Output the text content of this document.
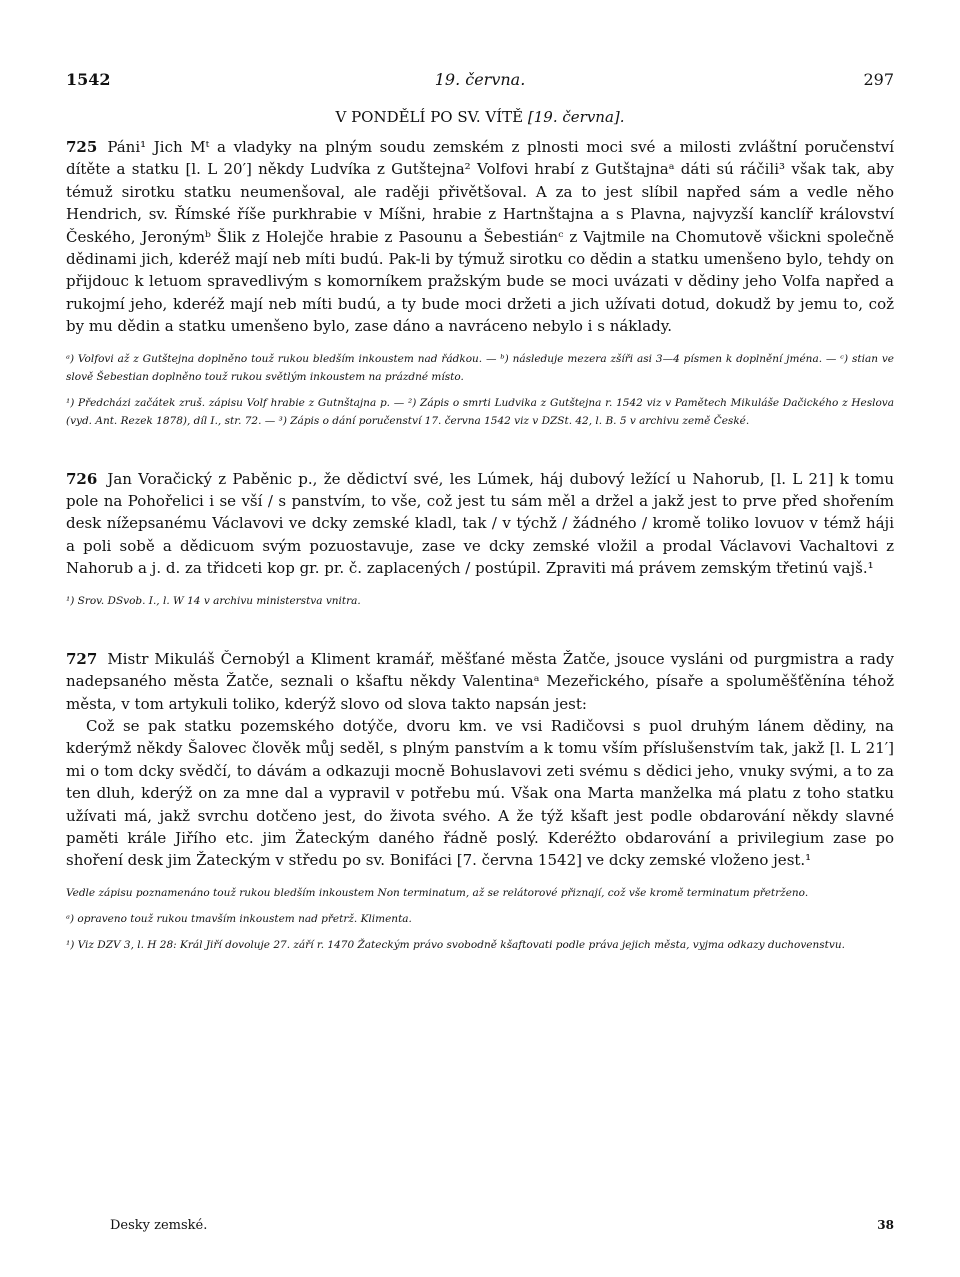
1542	19. června.	297
V PONDĚLÍ PO SV. VÍTĚ [19. června].

725 Páni¹ Jich Mᵗ a vladyky na plným soudu zemském z plnosti moci své a milosti zvláštní poručenství dítěte a statku [l. L 20′] někdy Ludvíka z Gutštejna² Volfovi hrabí z Gutštajnaᵃ dáti sú ráčili³ však tak, aby témuž sirotku statku neumenšoval, ale raději přivětšoval. A za to jest slíbil napřed sám a vedle něho Hendrich, sv. Římské říše purkhrabie v Míšni, hrabie z Hartnštajna a s Plavna, najvyzší kanclíř království Českého, Jeronýmᵇ Šlik z Holejče hrabie z Pasounu a Šebestiánᶜ z Vajtmile na Chomutově všickni společně dědinami jich, kderéž mají neb míti budú. Pak-li by týmuž sirotku co dědin a statku umenšeno bylo, tehdy on přijdouc k letuom spravedlivým s komorníkem pražským bude se moci uvázati v dědiny jeho Volfa napřed a rukojmí jeho, kderéž mají neb míti budú, a ty bude moci držeti a jich užívati dotud, dokudž by jemu to, což by mu dědin a statku umenšeno bylo, zase dáno a navráceno nebylo i s náklady.

ᵃ) Volfovi až z Gutštejna doplněno touž rukou bledším inkoustem nad řádkou. — ᵇ) následuje mezera zšíři asi 3—4 písmen k doplnění jména. — ᶜ) stian ve slově Šebestian doplněno touž rukou světlým inkoustem na prázdné místo.
¹) Předcházi začátek zruš. zápisu Volf hrabie z Gutnštajna p. — ²) Zápis o smrti Ludvika z Gutštejna r. 1542 viz v Pamětech Mikuláše Dačického z Heslova (vyd. Ant. Rezek 1878), díl I., str. 72. — ³) Zápis o dání poručenství 17. června 1542 viz v DZSt. 42, l. B. 5 v archivu země České.

726 Jan Voračický z Paběnic p., že dědictví své, les Lúmek, háj dubový ležící u Nahorub, [l. L 21] k tomu pole na Pohořelici i se vší / s panstvím, to vše, což jest tu sám měl a držel a jakž jest to prve před shořením desk nížepsanému Václavovi ve dcky zemské kladl, tak / v týchž / žádného / kromě toliko lovuov v témž háji a poli sobě a dědicuom svým pozuostavuje, zase ve dcky zemské vložil a prodal Václavovi Vachaltovi z Nahorub a j. d. za třidceti kop gr. pr. č. zaplacených / postúpil. Zpraviti má právem zemským třetinú vajš.¹

¹) Srov. DSvob. I., l. W 14 v archivu ministerstva vnitra.

727 Mistr Mikuláš Černobýl a Kliment kramář, měšťané města Žatče, jsouce vysláni od purgmistra a rady nadepsaného města Žatče, seznali o kšaftu někdy Valentinaᵃ Mezeřického, písaře a spoluměšťěnína téhož města, v tom artykuli toliko, kderýž slovo od slova takto napsán jest:

Což se pak statku pozemského dotýče, dvoru km. ve vsi Radičovsi s puol druhým lánem dědiny, na kderýmž někdy Šalovec člověk můj seděl, s plným panstvím a k tomu vším příslušenstvím tak, jakž [l. L 21′] mi o tom dcky svědčí, to dávám a odkazuji mocně Bohuslavovi zeti svému s dědici jeho, vnuky svými, a to za ten dluh, kderýž on za mne dal a vypravil v potřebu mú. Však ona Marta manželka má platu z toho statku užívati má, jakž svrchu dotčeno jest, do života svého. A že týž kšaft jest podle obdarování někdy slavné paměti krále Jiřího etc. jim Žateckým daného řádně poslý. Kderéžto obdarování a privilegium zase po shoření desk jim Žateckým v středu po sv. Bonifáci [7. června 1542] ve dcky zemské vloženo jest.¹

Vedle zápisu poznamenáno touž rukou bledším inkoustem Non terminatum, až se relátorové přiznají, což vše kromě terminatum přetrženo.
ᵃ) opraveno touž rukou tmavším inkoustem nad přetrž. Klimenta.
¹) Viz DZV 3, l. H 28: Král Jiří dovoluje 27. září r. 1470 Žateckým právo svobodně kšaftovati podle práva jejich města, vyjma odkazy duchovenstvu.
Desky zemské.	38
